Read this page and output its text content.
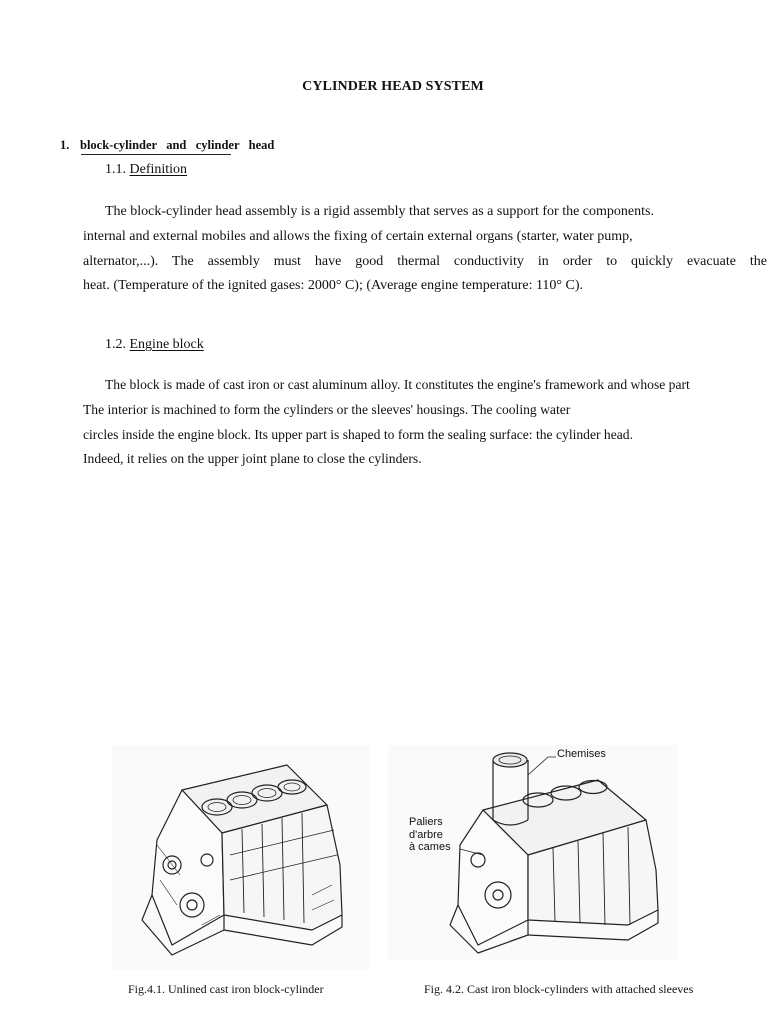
CYLINDER HEAD SYSTEM
1. block-cylinder   and   cylinder   head
1.1. Definition
The block-cylinder head assembly is a rigid assembly that serves as a support for the components.
internal and external mobiles and allows the fixing of certain external organs (starter, water pump,
alternator,...). The assembly must have good thermal conductivity in order to quickly evacuate the
heat. (Temperature of the ignited gases: 2000° C); (Average engine temperature: 110° C).
1.2. Engine block
The block is made of cast iron or cast aluminum alloy. It constitutes the engine's framework and whose part
The interior is machined to form the cylinders or the sleeves' housings. The cooling water
circles inside the engine block. Its upper part is shaped to form the sealing surface: the cylinder head.
Indeed, it relies on the upper joint plane to close the cylinders.
Chemises
Paliers
d'arbre
à cames
Fig.4.1. Unlined cast iron block-cylinder	Fig. 4.2. Cast iron block-cylinders with attached sleeves
